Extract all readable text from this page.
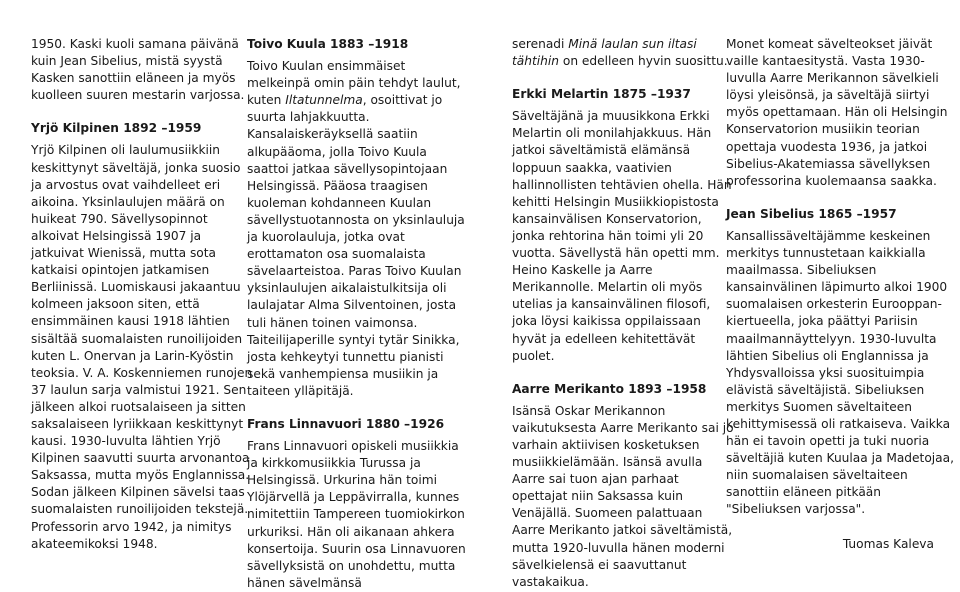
1950. Kaski kuoli samana päivänä kuin Jean Sibelius, mistä syystä Kasken sanottiin eläneen ja myös kuolleen suuren mestarin varjossa.

Yrjö Kilpinen 1892 –1959

Yrjö Kilpinen oli laulumusiikkiin keskittynyt säveltäjä, jonka suosio ja arvostus ovat vaihdelleet eri aikoina. Yksinlaulujen määrä on huikeat 790. Sävellysopinnot alkoivat Helsingissä 1907 ja jatkuivat Wienissä, mutta sota katkaisi opintojen jatkamisen Berliinissä. Luomiskausi jakaantuu kolmeen jaksoon siten, että ensimmäinen kausi 1918 lähtien sisältää suomalaisten runoilijoiden kuten L. Onervan ja Larin-Kyöstin teoksia. V. A. Koskenniemen runojen 37 laulun sarja valmistui 1921. Sen jälkeen alkoi ruotsalaiseen ja sitten saksalaiseen lyriikkaan keskittynyt kausi. 1930-luvulta lähtien Yrjö Kilpinen saavutti suurta arvonantoa Saksassa, mutta myös Englannissa. Sodan jälkeen Kilpinen sävelsi taas suomalaisten runoilijoiden tekstejä. Professorin arvo 1942, ja nimitys akateemikoksi 1948.

Toivo Kuula 1883 –1918

Toivo Kuulan ensimmäiset melkeinpä omin päin tehdyt laulut, kuten Iltatunnelma, osoittivat jo suurta lahjakkuutta. Kansalaiskeräyksellä saatiin alkupääoma, jolla Toivo Kuula saattoi jatkaa sävellysopintojaan Helsingissä. Pääosa traagisen kuoleman kohdanneen Kuulan sävellystuotannosta on yksinlauluja ja kuorolauluja, jotka ovat erottamaton osa suomalaista sävelaarteistoa. Paras Toivo Kuulan yksinlaulujen aikalaistulkitsija oli laulajatar Alma Silventoinen, josta tuli hänen toinen vaimonsa. Taiteilijaperille syntyi tytär Sinikka, josta kehkeytyi tunnettu pianisti sekä vanhempiensa musiikin ja taiteen ylläpitäjä.

Frans Linnavuori 1880 –1926

Frans Linnavuori opiskeli musiikkia ja kirkkomusiikkia Turussa ja Helsingissä. Urkurina hän toimi Ylöjärvellä ja Leppävirralla, kunnes nimitettiin Tampereen tuomiokirkon urkuriksi. Hän oli aikanaan ahkera konsertoija. Suurin osa Linnavuoren sävellyksistä on unohdettu, mutta hänen sävelmänsä

serenadi Minä laulan sun iltasi tähtihin on edelleen hyvin suosittu.

Erkki Melartin 1875 –1937

Säveltäjänä ja muusikkona Erkki Melartin oli monilahjakkuus. Hän jatkoi säveltämistä elämänsä loppuun saakka, vaativien hallinnollisten tehtävien ohella. Hän kehitti Helsingin Musiikkiopistosta kansainvälisen Konservatorion, jonka rehtorina hän toimi yli 20 vuotta. Sävellystä hän opetti mm. Heino Kaskelle ja Aarre Merikannolle. Melartin oli myös utelias ja kansainvälinen filosofi, joka löysi kaikissa oppilaissaan hyvät ja edelleen kehitettävät puolet.

Aarre Merikanto 1893 –1958

Isänsä Oskar Merikannon vaikutuksesta Aarre Merikanto sai jo varhain aktiivisen kosketuksen musiikkielämään. Isänsä avulla Aarre sai tuon ajan parhaat opettajat niin Saksassa kuin Venäjällä. Suomeen palattuaan Aarre Merikanto jatkoi säveltämistä, mutta 1920-luvulla hänen moderni sävelkielensä ei saavuttanut vastakaikua.

Monet komeat sävelteokset jäivät vaille kantaesitystä. Vasta 1930-luvulla Aarre Merikannon sävelkieli löysi yleisönsä, ja säveltäjä siirtyi myös opettamaan. Hän oli Helsingin Konservatorion musiikin teorian opettaja vuodesta 1936, ja jatkoi Sibelius-Akatemiassa sävellyksen professorina kuolemaansa saakka.

Jean Sibelius 1865 –1957

Kansallissäveltäjämme keskeinen merkitys tunnustetaan kaikkialla maailmassa. Sibeliuksen kansainvälinen läpimurto alkoi 1900 suomalaisen orkesterin Eurooppan-kiertueella, joka päättyi Pariisin maailmannäyttelyyn. 1930-luvulta lähtien Sibelius oli Englannissa ja Yhdysvalloissa yksi suosituimpia elävistä säveltäjistä. Sibeliuksen merkitys Suomen säveltaiteen kehittymisessä oli ratkaiseva. Vaikka hän ei tavoin opetti ja tuki nuoria säveltäjiä kuten Kuulaa ja Madetojaa, niin suomalaisen säveltaiteen sanottiin eläneen pitkään "Sibeliuksen varjossa".

Tuomas Kaleva
